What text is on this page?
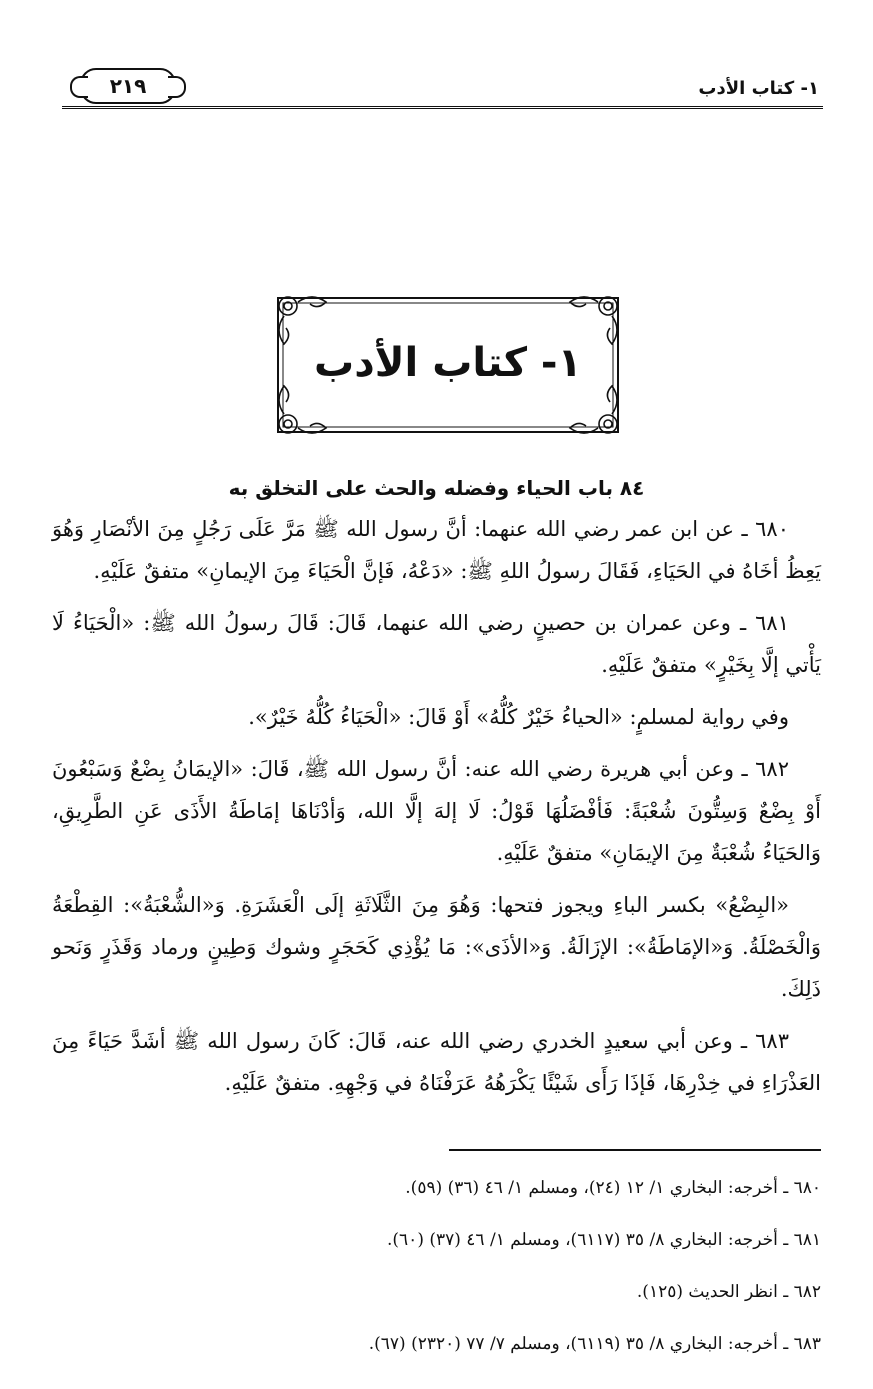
١- كتاب الأدب
٢١٩
١- كتاب الأدب
٨٤ باب الحياء وفضله والحث على التخلق به
٦٨٠ ـ عن ابن عمر رضي الله عنهما: أنَّ رسول الله ﷺ مَرَّ عَلَى رَجُلٍ مِنَ الأنْصَارِ وَهُوَ يَعِظُ أخَاهُ في الحَيَاءِ، فَقَالَ رسولُ اللهِ ﷺ: «دَعْهُ، فَإنَّ الْحَيَاءَ مِنَ الإيمانِ» متفقٌ عَلَيْهِ.
٦٨١ ـ وعن عمران بن حصينٍ رضي الله عنهما، قَالَ: قَالَ رسولُ الله ﷺ: «الْحَيَاءُ لَا يَأْتي إلَّا بِخَيْرٍ» متفقٌ عَلَيْهِ.
وفي رواية لمسلمٍ: «الحياءُ خَيْرٌ كُلُّهُ» أَوْ قَالَ: «الْحَيَاءُ كُلُّهُ خَيْرٌ».
٦٨٢ ـ وعن أبي هريرة رضي الله عنه: أنَّ رسول الله ﷺ، قَالَ: «الإيمَانُ بِضْعٌ وَسَبْعُونَ أَوْ بِضْعٌ وَسِتُّونَ شُعْبَةً: فَأفْضَلُهَا قَوْلُ: لَا إلهَ إلَّا الله، وَأدْنَاهَا إمَاطَةُ الأَذَى عَنِ الطَّرِيقِ، وَالحَيَاءُ شُعْبَةٌ مِنَ الإيمَانِ» متفقٌ عَلَيْهِ.
«البِضْعُ» بكسر الباءِ ويجوز فتحها: وَهُوَ مِنَ الثَّلَاثَةِ إلَى الْعَشَرَةِ. وَ«الشُّعْبَةُ»: القِطْعَةُ وَالْخَصْلَةُ. وَ«الإمَاطَةُ»: الإزَالَةُ. وَ«الأذَى»: مَا يُؤْذِي كَحَجَرٍ وشوك وَطِينٍ ورماد وَقَذَرٍ وَنَحو ذَلِكَ.
٦٨٣ ـ وعن أبي سعيدٍ الخدري رضي الله عنه، قَالَ: كَانَ رسول الله ﷺ أشَدَّ حَيَاءً مِنَ العَذْرَاءِ في خِدْرِهَا، فَإذَا رَأَى شَيْئًا يَكْرَهُهُ عَرَفْنَاهُ في وَجْهِهِ. متفقٌ عَلَيْهِ.
٦٨٠ ـ أخرجه: البخاري ١/ ١٢ (٢٤)، ومسلم ١/ ٤٦ (٣٦) (٥٩).
٦٨١ ـ أخرجه: البخاري ٨/ ٣٥ (٦١١٧)، ومسلم ١/ ٤٦ (٣٧) (٦٠).
٦٨٢ ـ انظر الحديث (١٢٥).
٦٨٣ ـ أخرجه: البخاري ٨/ ٣٥ (٦١١٩)، ومسلم ٧/ ٧٧ (٢٣٢٠) (٦٧).
